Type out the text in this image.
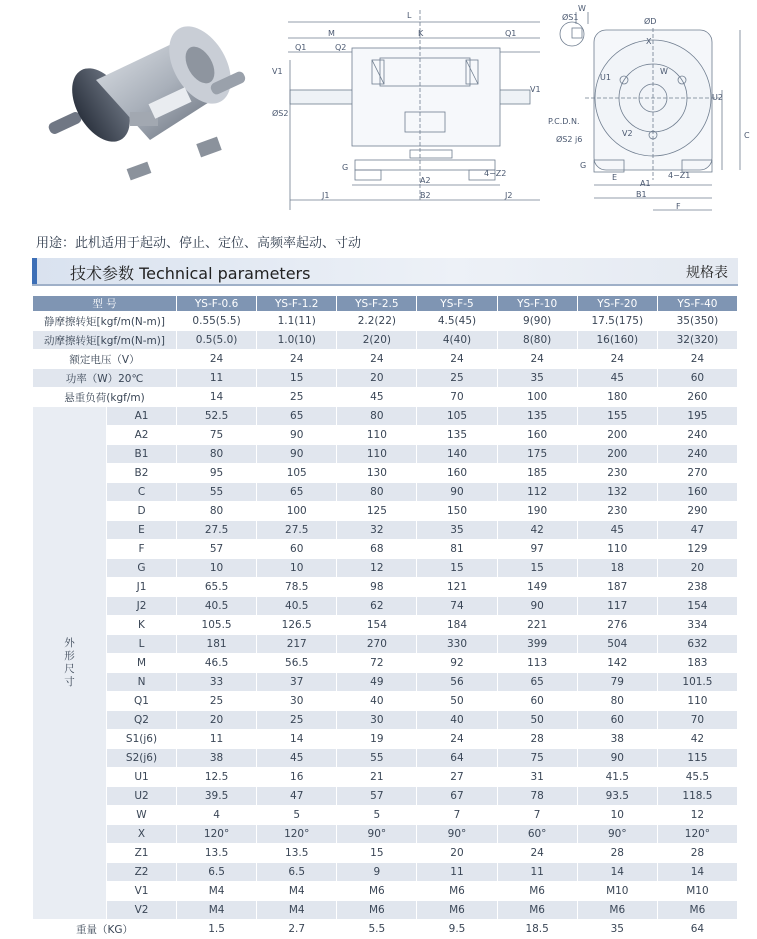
L
M	K
Q1	Q2
Q1
V1
V1
ØS2
A2
B2
J1	J2
4−Z2
G
ØS1
W
ØD
X
W
U2
U1
P.C.D.N.
ØS2 j6
V2	C
G
E
A1
4−Z1
B1
F
用途：此机适用于起动、停止、定位、高频率起动、寸动
技术参数 Technical parameters	规格表
型 号		YS-F-0.6	YS-F-1.2	YS-F-2.5	YS-F-5	YS-F-10	YS-F-20	YS-F-40
静摩擦转矩[kgf/m(N-m)]		0.55(5.5)	1.1(11)	2.2(22)	4.5(45)	9(90)	17.5(175)	35(350)
动摩擦转矩[kgf/m(N-m)]		0.5(5.0)	1.0(10)	2(20)	4(40)	8(80)	16(160)	32(320)
额定电压（V）		24	24	24	24	24	24	24
功率（W）20℃		11	15	20	25	35	45	60
悬重负荷(kgf/m)		14	25	45	70	100	180	260
外
形
尺
寸	A1	52.5	65	80	105	135	155	195
	A2	75	90	110	135	160	200	240
	B1	80	90	110	140	175	200	240
	B2	95	105	130	160	185	230	270
	C	55	65	80	90	112	132	160
	D	80	100	125	150	190	230	290
	E	27.5	27.5	32	35	42	45	47
	F	57	60	68	81	97	110	129
	G	10	10	12	15	15	18	20
	J1	65.5	78.5	98	121	149	187	238
	J2	40.5	40.5	62	74	90	117	154
	K	105.5	126.5	154	184	221	276	334
	L	181	217	270	330	399	504	632
	M	46.5	56.5	72	92	113	142	183
	N	33	37	49	56	65	79	101.5
	Q1	25	30	40	50	60	80	110
	Q2	20	25	30	40	50	60	70
	S1(j6)	11	14	19	24	28	38	42
	S2(j6)	38	45	55	64	75	90	115
	U1	12.5	16	21	27	31	41.5	45.5
	U2	39.5	47	57	67	78	93.5	118.5
	W	4	5	5	7	7	10	12
	X	120°	120°	90°	90°	60°	90°	120°
	Z1	13.5	13.5	15	20	24	28	28
	Z2	6.5	6.5	9	11	11	14	14
	V1	M4	M4	M6	M6	M6	M10	M10
	V2	M4	M4	M6	M6	M6	M6	M6
重量（KG）		1.5	2.7	5.5	9.5	18.5	35	64
